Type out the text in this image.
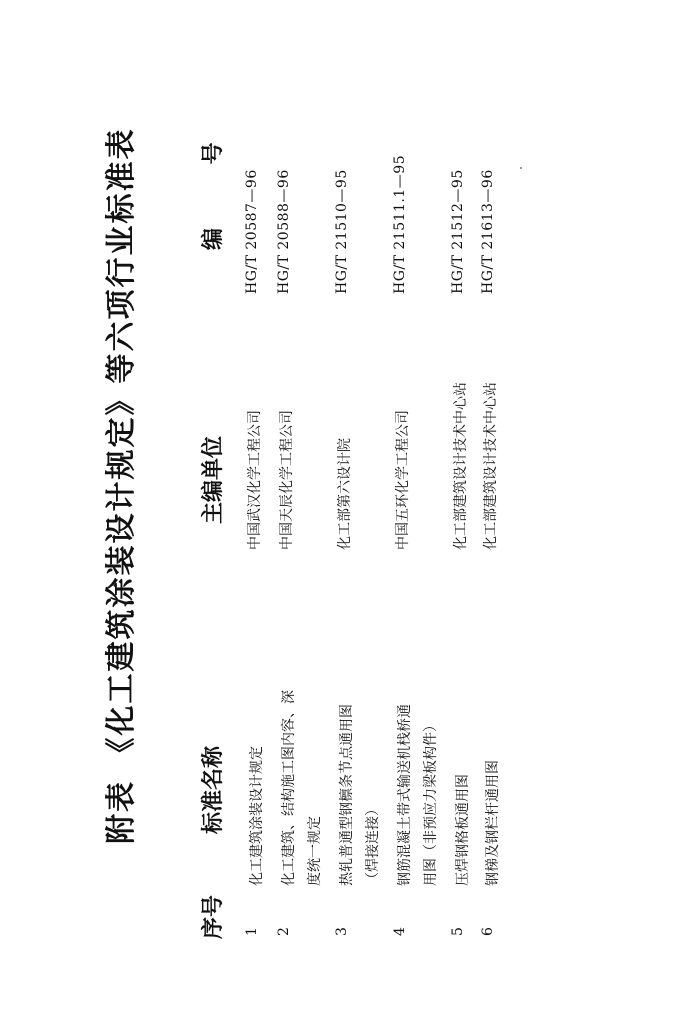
附表 《化工建筑涂装设计规定》等六项行业标准表
序号
标准名称
主编单位
编 号
1
化工建筑涂装设计规定
中国武汉化学工程公司
HG/T 20587—96
2
化工建筑、结构施工图内容、深 度统一规定
中国天辰化学工程公司
HG/T 20588—96
3
热轧普通型钢檩条节点通用图 （焊接连接）
化工部第六设计院
HG/T 21510—95
4
钢筋混凝土带式输送机栈桥通 用图（非预应力梁板构件）
中国五环化学工程公司
HG/T 21511.1—95
5
压焊钢格板通用图
化工部建筑设计技术中心站
HG/T 21512—95
6
钢梯及钢栏杆通用图
化工部建筑设计技术中心站
HG/T 21613—96
